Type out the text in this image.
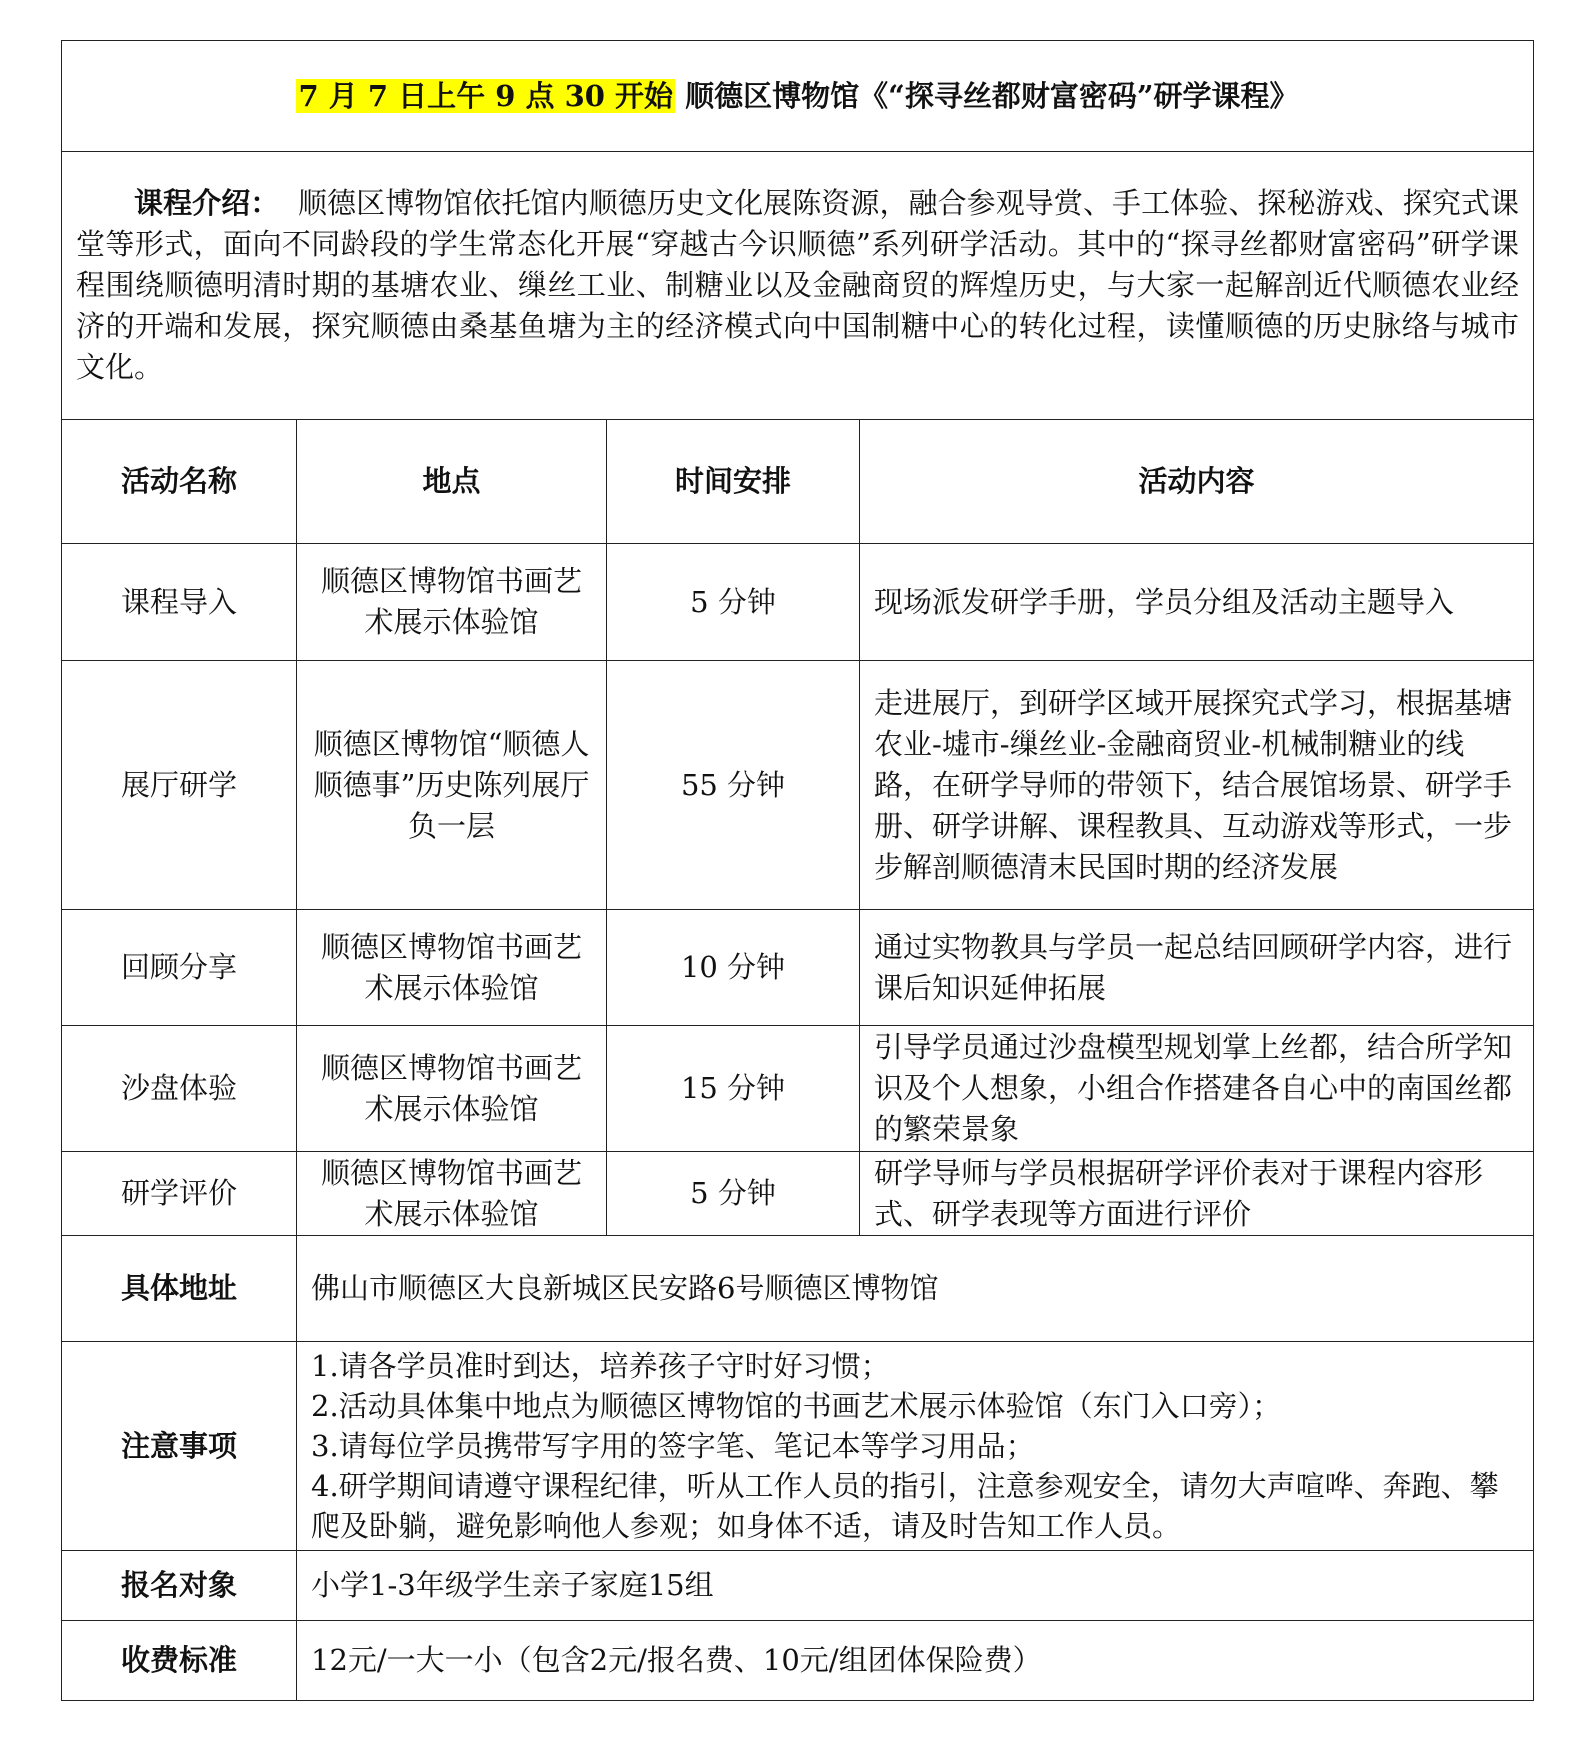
7 月 7 日上午 9 点 30 开始 顺德区博物馆《“探寻丝都财富密码”研学课程》			

课程介绍： 顺德区博物馆依托馆内顺德历史文化展陈资源，融合参观导赏、手工体验、探秘游戏、探究式课堂等形式，面向不同龄段的学生常态化开展“穿越古今识顺德”系列研学活动。其中的“探寻丝都财富密码”研学课程围绕顺德明清时期的基塘农业、缫丝工业、制糖业以及金融商贸的辉煌历史，与大家一起解剖近代顺德农业经济的开端和发展，探究顺德由桑基鱼塘为主的经济模式向中国制糖中心的转化过程，读懂顺德的历史脉络与城市文化。			

活动名称	地点	时间安排	活动内容
课程导入	顺德区博物馆书画艺术展示体验馆	5 分钟	现场派发研学手册，学员分组及活动主题导入
展厅研学	顺德区博物馆“顺德人 顺德事”历史陈列展厅负一层	55 分钟	走进展厅，到研学区域开展探究式学习，根据基塘农业-墟市-缫丝业-金融商贸业-机械制糖业的线路，在研学导师的带领下，结合展馆场景、研学手册、研学讲解、课程教具、互动游戏等形式，一步步解剖顺德清末民国时期的经济发展
回顾分享	顺德区博物馆书画艺术展示体验馆	10 分钟	通过实物教具与学员一起总结回顾研学内容，进行课后知识延伸拓展
沙盘体验	顺德区博物馆书画艺术展示体验馆	15 分钟	引导学员通过沙盘模型规划掌上丝都，结合所学知识及个人想象，小组合作搭建各自心中的南国丝都的繁荣景象
研学评价	顺德区博物馆书画艺术展示体验馆	5 分钟	研学导师与学员根据研学评价表对于课程内容形式、研学表现等方面进行评价
具体地址	佛山市顺德区大良新城区民安路6号顺德区博物馆		
注意事项	1.请各学员准时到达，培养孩子守时好习惯；
2.活动具体集中地点为顺德区博物馆的书画艺术展示体验馆（东门入口旁）；
3.请每位学员携带写字用的签字笔、笔记本等学习用品；
4.研学期间请遵守课程纪律，听从工作人员的指引，注意参观安全，请勿大声喧哗、奔跑、攀爬及卧躺，避免影响他人参观；如身体不适，请及时告知工作人员。		

报名对象	小学1-3年级学生亲子家庭15组		
收费标准	12元/一大一小（包含2元/报名费、10元/组团体保险费）		
